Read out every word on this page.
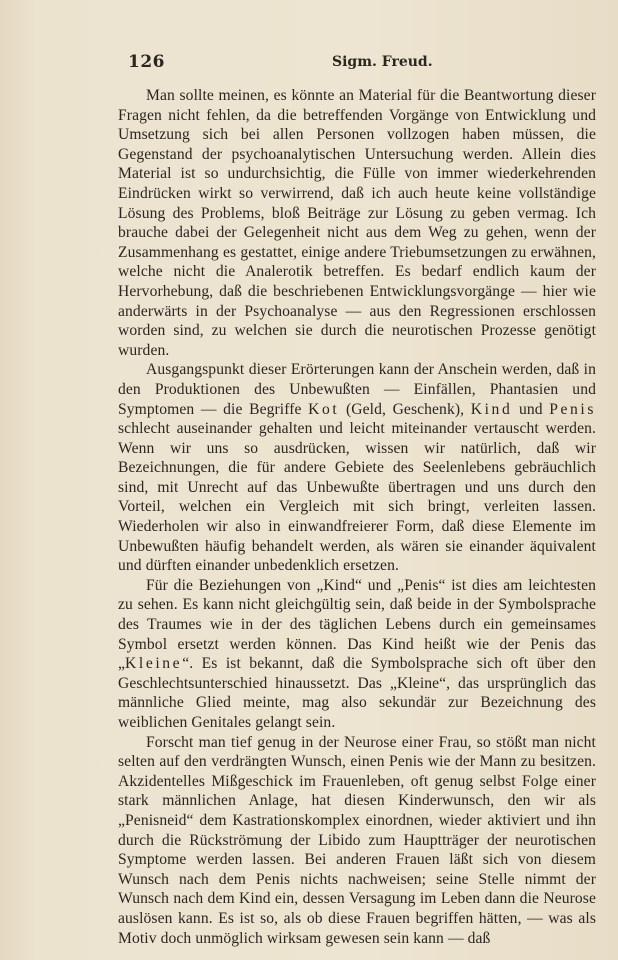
126	Sigm. Freud.

Man sollte meinen, es könnte an Material für die Beantwortung dieser Fragen nicht fehlen, da die betreffenden Vorgänge von Entwicklung und Umsetzung sich bei allen Personen vollzogen haben müssen, die Gegenstand der psychoanalytischen Untersuchung werden. Allein dies Material ist so undurchsichtig, die Fülle von immer wiederkehrenden Eindrücken wirkt so verwirrend, daß ich auch heute keine vollständige Lösung des Problems, bloß Beiträge zur Lösung zu geben vermag. Ich brauche dabei der Gelegenheit nicht aus dem Weg zu gehen, wenn der Zusammenhang es gestattet, einige andere Triebumsetzungen zu erwähnen, welche nicht die Analerotik betreffen. Es bedarf endlich kaum der Hervorhebung, daß die beschriebenen Entwicklungsvorgänge — hier wie anderwärts in der Psychoanalyse — aus den Regressionen erschlossen worden sind, zu welchen sie durch die neurotischen Prozesse genötigt wurden.

Ausgangspunkt dieser Erörterungen kann der Anschein werden, daß in den Produktionen des Unbewußten — Einfällen, Phantasien und Symptomen — die Begriffe Kot (Geld, Geschenk), Kind und Penis schlecht auseinander gehalten und leicht miteinander vertauscht werden. Wenn wir uns so ausdrücken, wissen wir natürlich, daß wir Bezeichnungen, die für andere Gebiete des Seelenlebens gebräuchlich sind, mit Unrecht auf das Unbewußte übertragen und uns durch den Vorteil, welchen ein Vergleich mit sich bringt, verleiten lassen. Wiederholen wir also in einwandfreierer Form, daß diese Elemente im Unbewußten häufig behandelt werden, als wären sie einander äquivalent und dürften einander unbedenklich ersetzen.

Für die Beziehungen von „Kind“ und „Penis“ ist dies am leichtesten zu sehen. Es kann nicht gleichgültig sein, daß beide in der Symbolsprache des Traumes wie in der des täglichen Lebens durch ein gemeinsames Symbol ersetzt werden können. Das Kind heißt wie der Penis das „Kleine“. Es ist bekannt, daß die Symbolsprache sich oft über den Geschlechtsunterschied hinaussetzt. Das „Kleine“, das ursprünglich das männliche Glied meinte, mag also sekundär zur Bezeichnung des weiblichen Genitales gelangt sein.

Forscht man tief genug in der Neurose einer Frau, so stößt man nicht selten auf den verdrängten Wunsch, einen Penis wie der Mann zu besitzen. Akzidentelles Mißgeschick im Frauenleben, oft genug selbst Folge einer stark männlichen Anlage, hat diesen Kinderwunsch, den wir als „Penisneid“ dem Kastrationskomplex einordnen, wieder aktiviert und ihn durch die Rückströmung der Libido zum Hauptträger der neurotischen Symptome werden lassen. Bei anderen Frauen läßt sich von diesem Wunsch nach dem Penis nichts nachweisen; seine Stelle nimmt der Wunsch nach dem Kind ein, dessen Versagung im Leben dann die Neurose auslösen kann. Es ist so, als ob diese Frauen begriffen hätten, — was als Motiv doch unmöglich wirksam gewesen sein kann — daß
